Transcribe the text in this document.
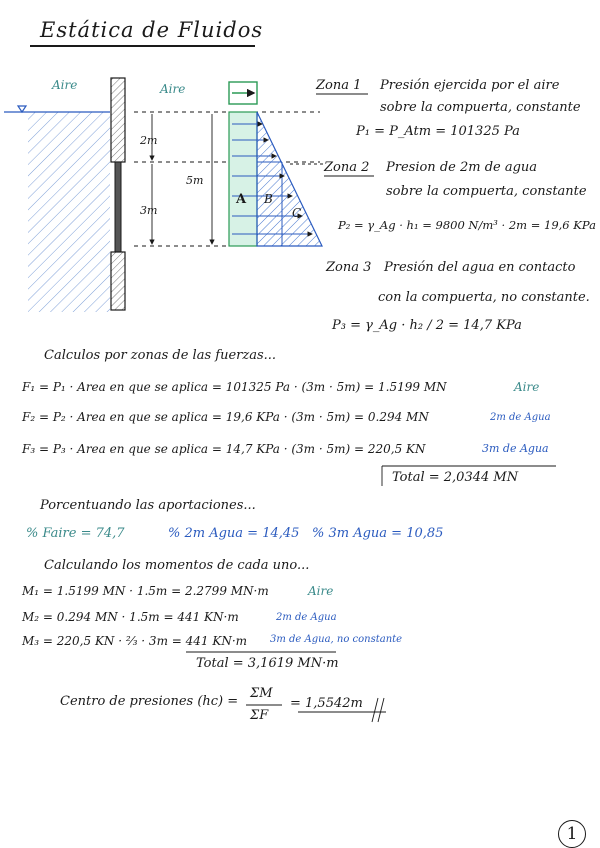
Estática de Fluidos
Aire	Aire
2m
3m
5m
A B
C
Zona 1 Presión ejercida por el aire
sobre la compuerta, constante
P₁ = P_Atm = 101325 Pa
Zona 2 Presion de 2m de agua
sobre la compuerta, constante
P₂ = γ_Ag · h₁ = 9800 N/m³ · 2m = 19,6 KPa
Zona 3 Presión del agua en contacto
con la compuerta, no constante.
P₃ = γ_Ag · h₂ / 2 = 14,7 KPa
Calculos por zonas de las fuerzas...
F₁ = P₁ · Area en que se aplica = 101325 Pa · (3m · 5m) = 1.5199 MN	Aire
F₂ = P₂ · Area en que se aplica = 19,6 KPa · (3m · 5m) = 0.294 MN	2m de Agua
F₃ = P₃ · Area en que se aplica = 14,7 KPa · (3m · 5m) = 220,5 KN	3m de Agua
Total = 2,0344 MN
Porcentuando las aportaciones...
% Faire = 74,7	% 2m Agua = 14,45 % 3m Agua = 10,85
Calculando los momentos de cada uno...
M₁ = 1.5199 MN · 1.5m = 2.2799 MN·m	Aire
M₂ = 0.294 MN · 1.5m = 441 KN·m	2m de Agua
M₃ = 220,5 KN · ⅔ · 3m = 441 KN·m 3m de Agua, no constante
Total = 3,1619 MN·m
Centro de presiones (hc) =
ΣM
ΣF
= 1,5542m
1
